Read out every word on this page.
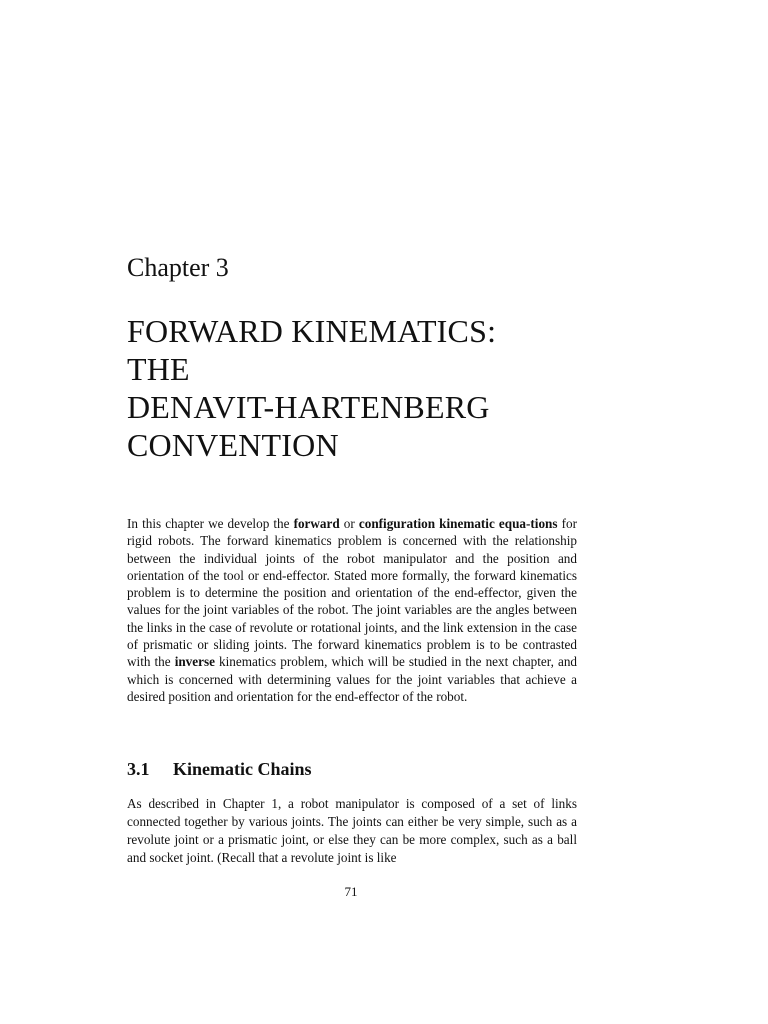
Chapter 3
FORWARD KINEMATICS:
THE
DENAVIT-HARTENBERG
CONVENTION

In this chapter we develop the forward or configuration kinematic equa-tions for rigid robots. The forward kinematics problem is concerned with the relationship between the individual joints of the robot manipulator and the position and orientation of the tool or end-effector. Stated more formally, the forward kinematics problem is to determine the position and orientation of the end-effector, given the values for the joint variables of the robot. The joint variables are the angles between the links in the case of revolute or rotational joints, and the link extension in the case of prismatic or sliding joints. The forward kinematics problem is to be contrasted with the inverse kinematics problem, which will be studied in the next chapter, and which is concerned with determining values for the joint variables that achieve a desired position and orientation for the end-effector of the robot.

3.1 Kinematic Chains

As described in Chapter 1, a robot manipulator is composed of a set of links connected together by various joints. The joints can either be very simple, such as a revolute joint or a prismatic joint, or else they can be more complex, such as a ball and socket joint. (Recall that a revolute joint is like

71
